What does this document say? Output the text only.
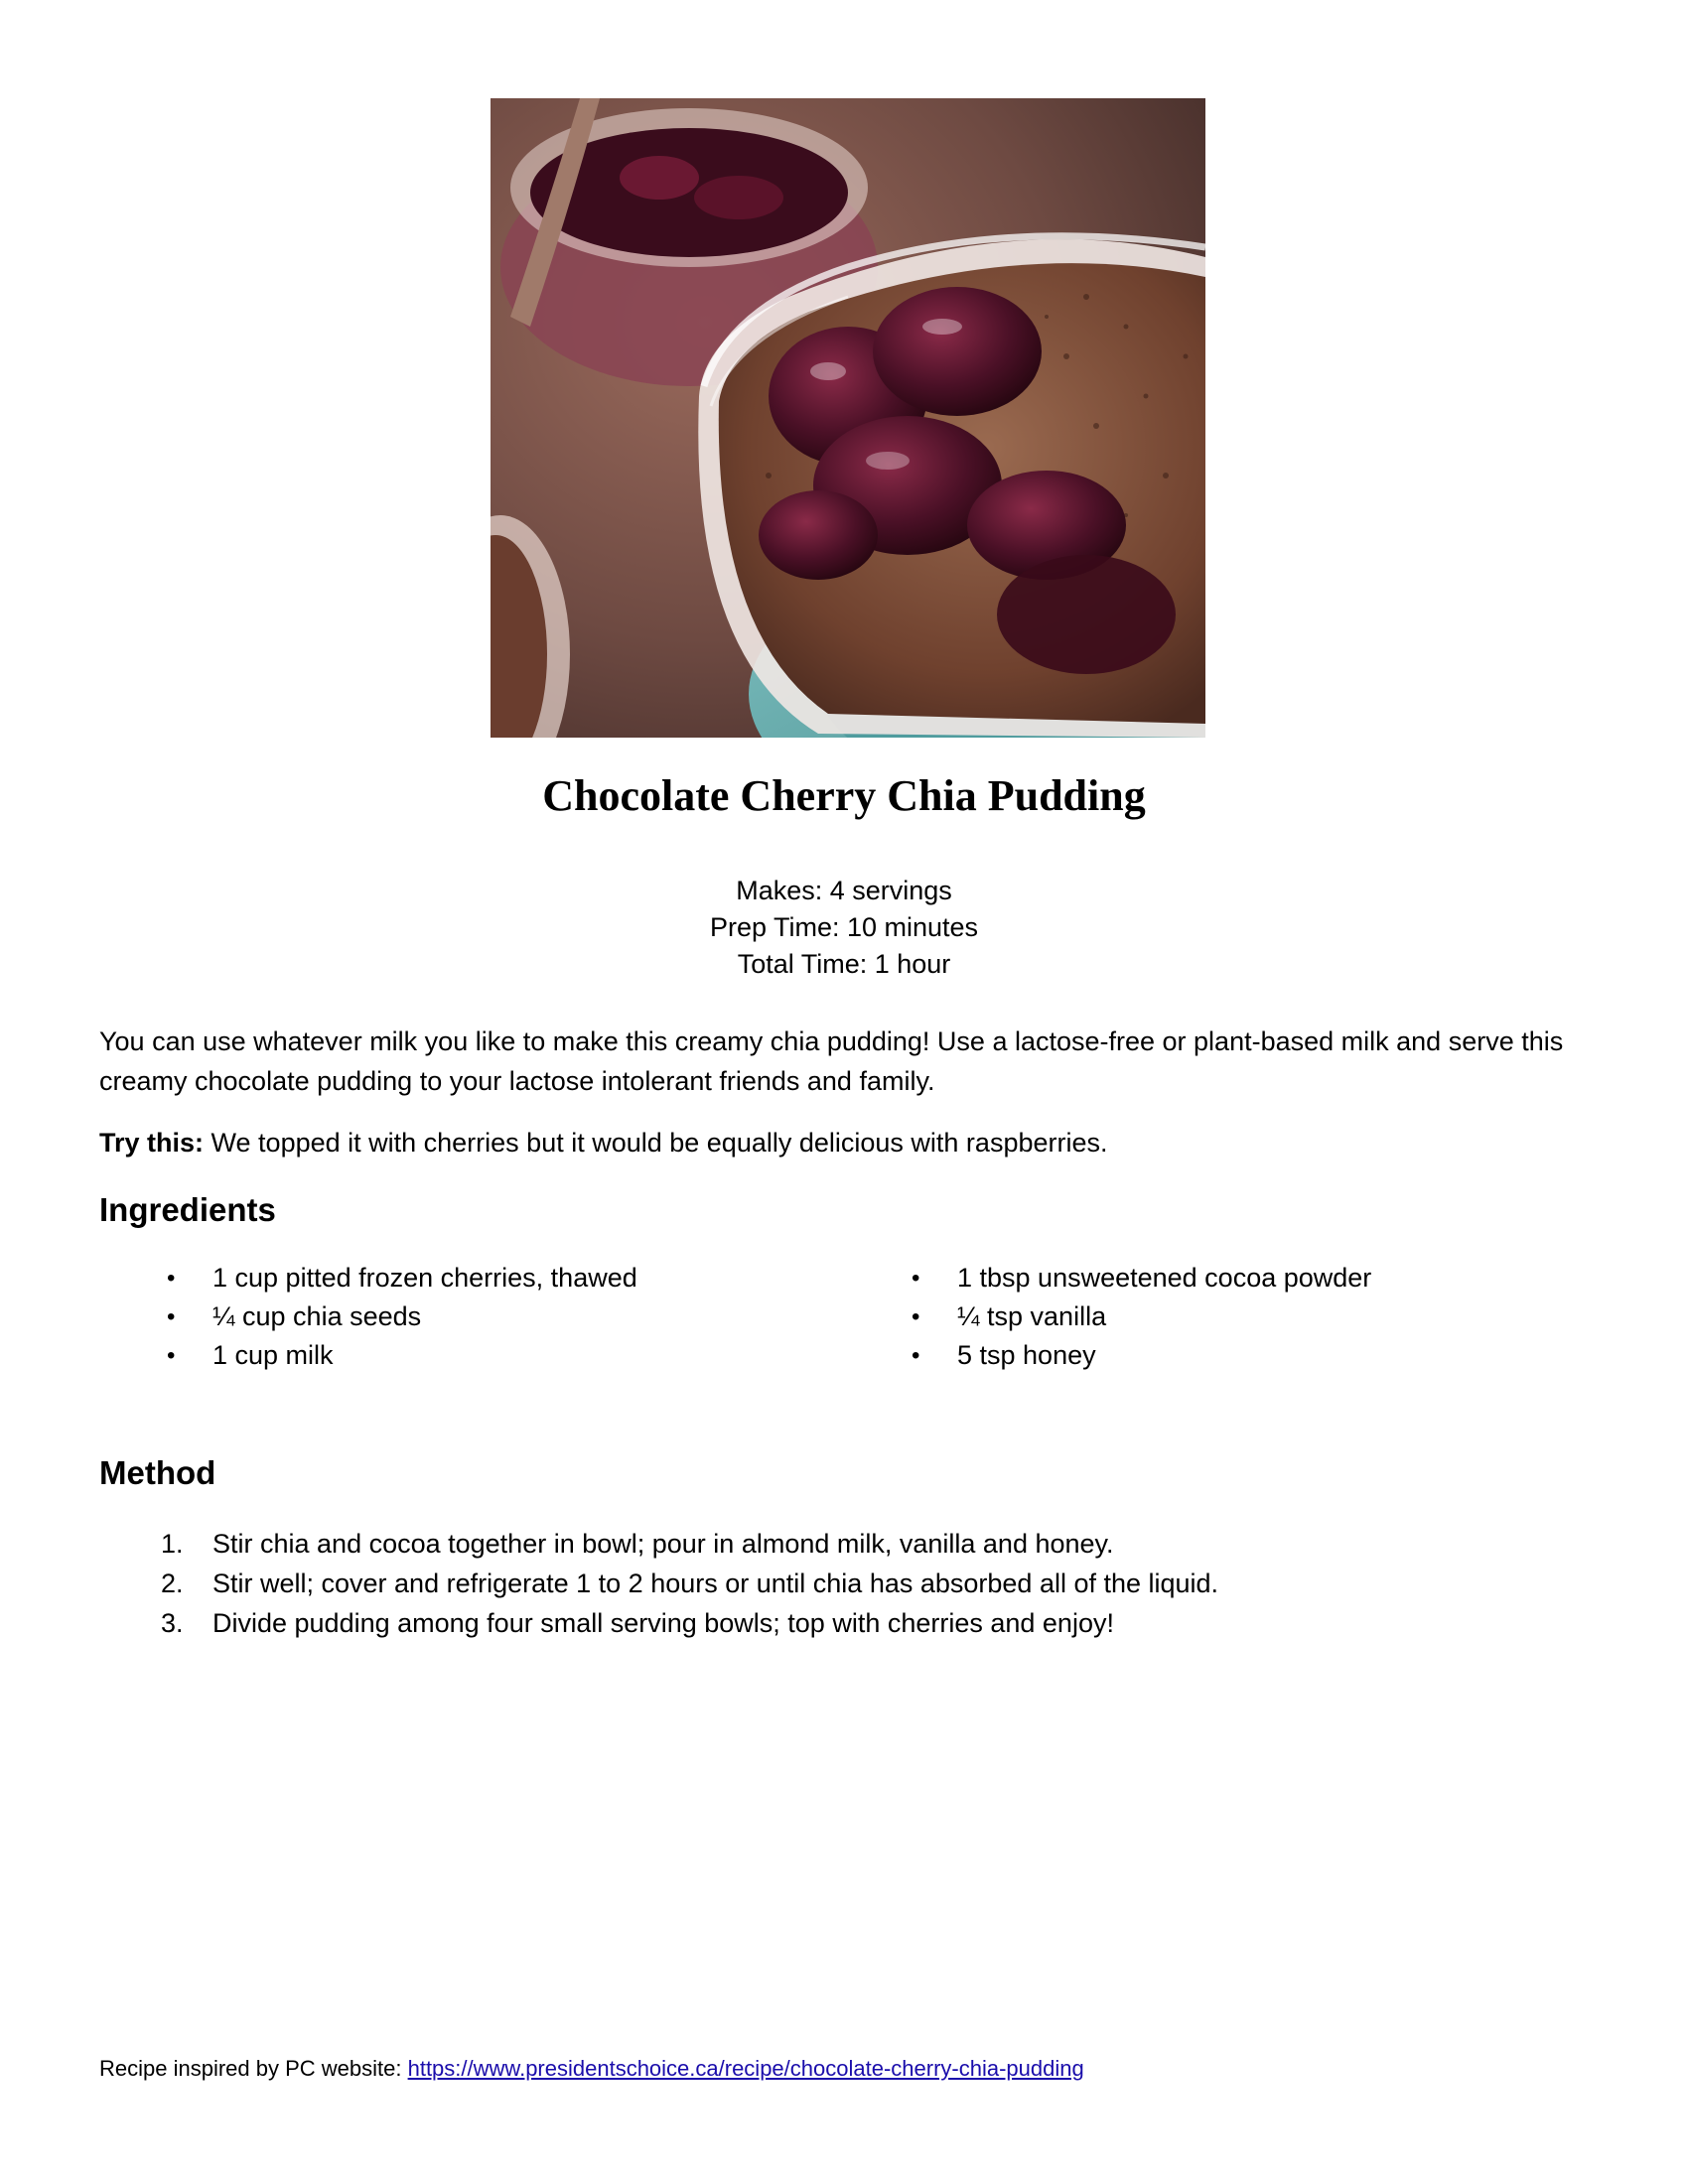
Chocolate Cherry Chia Pudding
Makes: 4 servings
Prep Time: 10 minutes
Total Time: 1 hour

You can use whatever milk you like to make this creamy chia pudding! Use a lactose-free or plant-based milk and serve this creamy chocolate pudding to your lactose intolerant friends and family.

Try this: We topped it with cherries but it would be equally delicious with raspberries.

Ingredients
• 1 cup pitted frozen cherries, thawed
• ¼ cup chia seeds
• 1 cup milk
• 1 tbsp unsweetened cocoa powder
• ¼ tsp vanilla
• 5 tsp honey
Method
1. Stir chia and cocoa together in bowl; pour in almond milk, vanilla and honey.
2. Stir well; cover and refrigerate 1 to 2 hours or until chia has absorbed all of the liquid.
3. Divide pudding among four small serving bowls; top with cherries and enjoy!
Recipe inspired by PC website: https://www.presidentschoice.ca/recipe/chocolate-cherry-chia-pudding
